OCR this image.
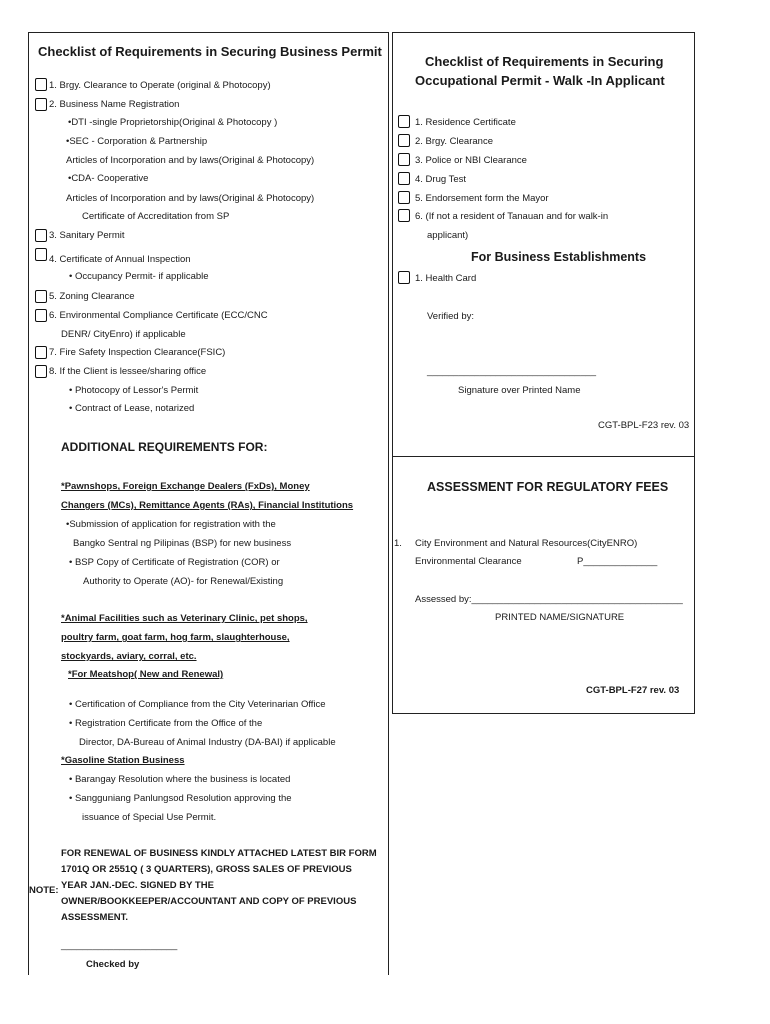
Checklist of Requirements in Securing Business Permit
1. Brgy. Clearance to Operate (original & Photocopy)
2. Business Name Registration
•DTI -single Proprietorship(Original & Photocopy )
•SEC - Corporation & Partnership
Articles of Incorporation and by laws(Original & Photocopy)
•CDA- Cooperative
Articles of Incorporation and by laws(Original & Photocopy)
Certificate of Accreditation from SP
3. Sanitary Permit
4. Certificate of Annual Inspection
• Occupancy Permit- if applicable
5. Zoning Clearance
6. Environmental Compliance Certificate (ECC/CNC
DENR/ CityEnro) if applicable
7. Fire Safety Inspection Clearance(FSIC)
8. If the Client is lessee/sharing office
• Photocopy of Lessor's Permit
• Contract of Lease, notarized
ADDITIONAL REQUIREMENTS FOR:
*Pawnshops, Foreign Exchange Dealers (FxDs), Money
Changers (MCs), Remittance Agents (RAs), Financial Institutions
•Submission of application for registration with the
Bangko Sentral ng Pilipinas (BSP) for new business
• BSP Copy of Certificate of Registration (COR) or
Authority to Operate (AO)- for Renewal/Existing
*Animal Facilities such as Veterinary Clinic, pet shops,
poultry farm, goat farm, hog farm, slaughterhouse,
stockyards, aviary, corral, etc.
*For Meatshop( New and Renewal)
• Certification of Compliance from the City Veterinarian Office
• Registration Certificate from the Office of the
Director, DA-Bureau of Animal Industry (DA-BAI) if applicable
*Gasoline Station Business
• Barangay Resolution where the business is located
• Sangguniang Panlungsod Resolution approving the
issuance of Special Use Permit.
NOTE:
FOR RENEWAL OF BUSINESS KINDLY ATTACHED LATEST BIR FORM
1701Q OR 2551Q ( 3 QUARTERS), GROSS SALES OF PREVIOUS
YEAR JAN.-DEC. SIGNED BY THE
OWNER/BOOKKEEPER/ACCOUNTANT AND COPY OF PREVIOUS
ASSESSMENT.
______________________
Checked by
Checklist of Requirements in Securing
Occupational Permit - Walk -In Applicant
1. Residence Certificate
2. Brgy. Clearance
3. Police or NBI Clearance
4. Drug Test
5. Endorsement form the Mayor
6. (If not a resident of Tanauan and for walk-in
applicant)
For Business Establishments
1. Health Card
Verified by:
________________________________
Signature over Printed Name
CGT-BPL-F23 rev. 03
ASSESSMENT FOR REGULATORY FEES
1. City Environment and Natural Resources(CityENRO)
Environmental Clearance	P______________
Assessed by:________________________________________
PRINTED NAME/SIGNATURE
CGT-BPL-F27 rev. 03
